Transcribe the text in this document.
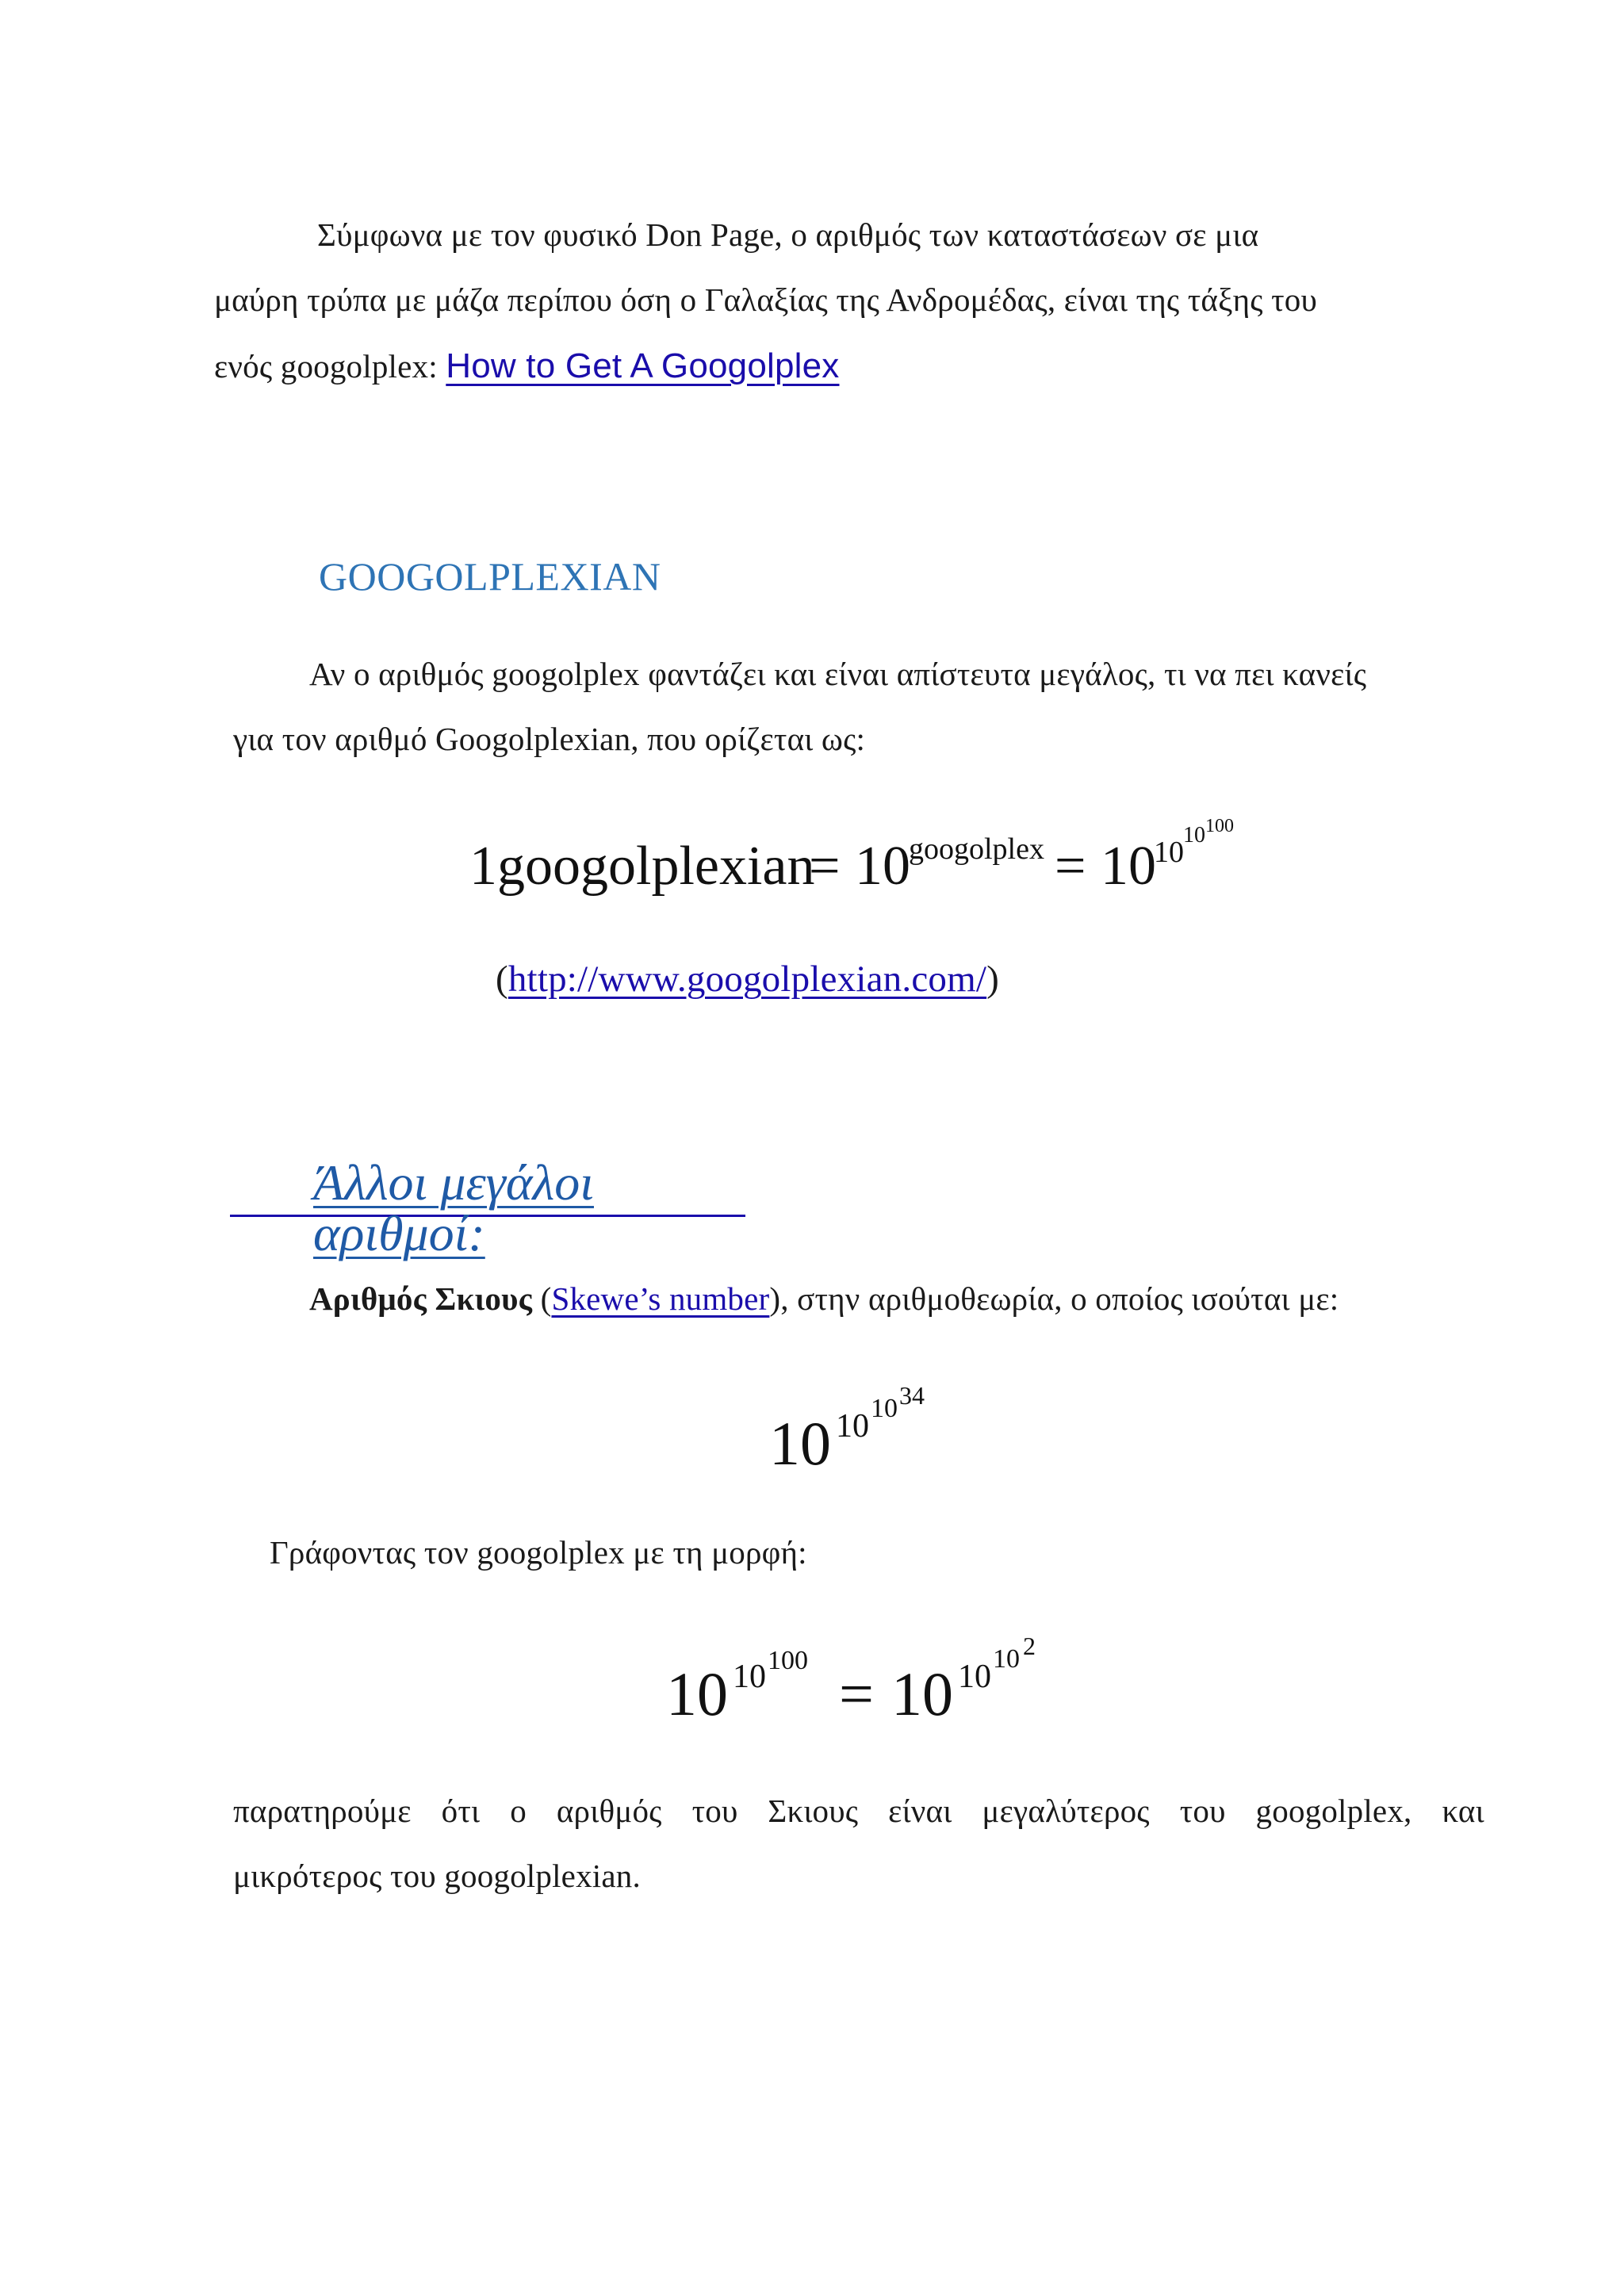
Σύμφωνα με τον φυσικό Don Page, ο αριθμός των καταστάσεων σε μια
μαύρη τρύπα με μάζα περίπου όση ο Γαλαξίας της Ανδρομέδας, είναι της τάξης του
ενός googolplex: How to Get A Googolplex
GOOGOLPLEXIAN
Αν ο αριθμός googolplex φαντάζει και είναι απίστευτα μεγάλος, τι να πει κανείς
για τον αριθμό Googolplexian, που ορίζεται ως:
1 googolplexian
= 10
googolplex = 10
10
10 100
(http://www.googolplexian.com/)
Άλλοι μεγάλοι αριθμοί:
Αριθμός Σκιους (Skewe’s number), στην αριθμοθεωρία, ο οποίος ισούται με:
10 10 10 34
Γράφοντας τον googolplex με τη μορφή:
10 10 100 = 10 10 10 2
παρατηρούμε ότι ο αριθμός του Σκιους είναι μεγαλύτερος του googolplex, και
μικρότερος του googolplexian.
